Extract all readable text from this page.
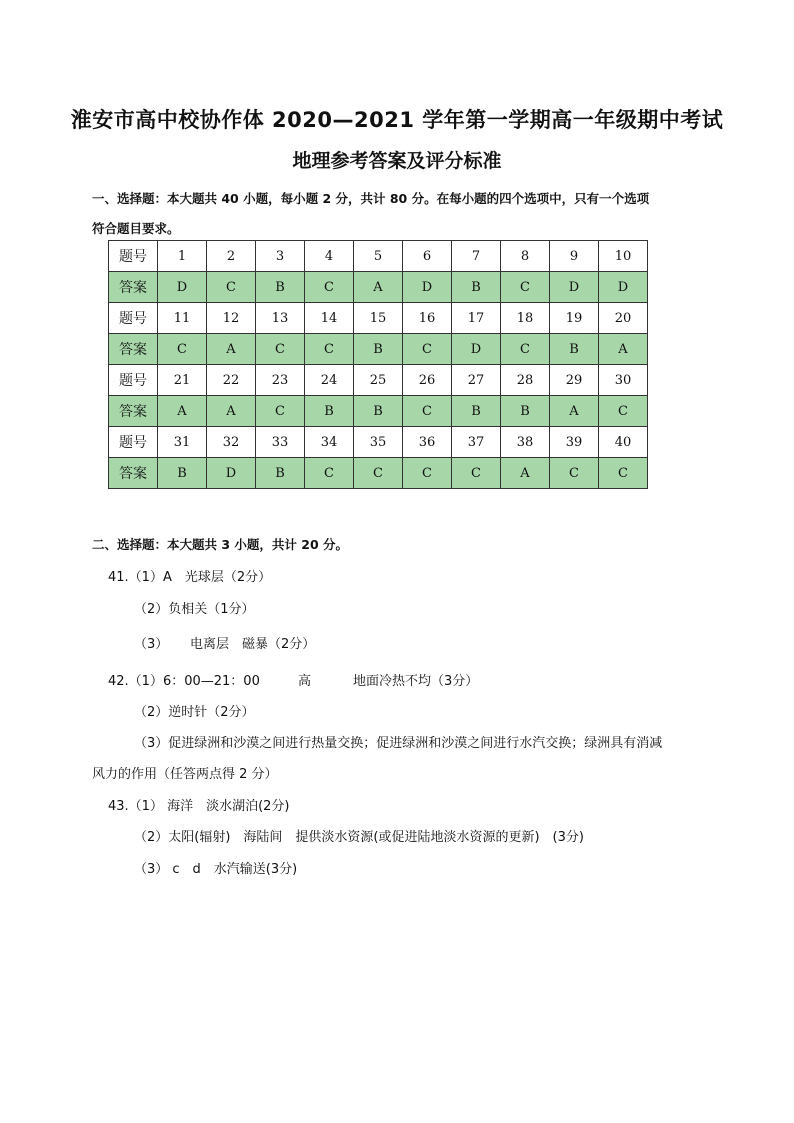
淮安市高中校协作体 2020—2021 学年第一学期高一年级期中考试
地理参考答案及评分标准
一、选择题：本大题共 40 小题，每小题 2 分，共计 80 分。在每小题的四个选项中，只有一个选项
符合题目要求。
题号	1	2	3	4	5	6	7	8	9	10
答案	D	C	B	C	A	D	B	C	D	D
题号	11	12	13	14	15	16	17	18	19	20
答案	C	A	C	C	B	C	D	C	B	A
题号	21	22	23	24	25	26	27	28	29	30
答案	A	A	C	B	B	C	B	B	A	C
题号	31	32	33	34	35	36	37	38	39	40
答案	B	D	B	C	C	C	C	A	C	C
二、选择题：本大题共 3 小题，共计 20 分。
41.（1）A　光球层（2分）
（2）负相关（1分）
（3） 电离层　磁暴（2分）
42.（1）6：00—21：00	高	地面冷热不均（3分）
（2）逆时针（2分）
（3）促进绿洲和沙漠之间进行热量交换；促进绿洲和沙漠之间进行水汽交换；绿洲具有消减
风力的作用（任答两点得 2 分）
43.（1） 海洋　淡水湖泊(2分)
（2）太阳(辐射)　海陆间　提供淡水资源(或促进陆地淡水资源的更新)　(3分)
（3） c　d　水汽输送(3分)
